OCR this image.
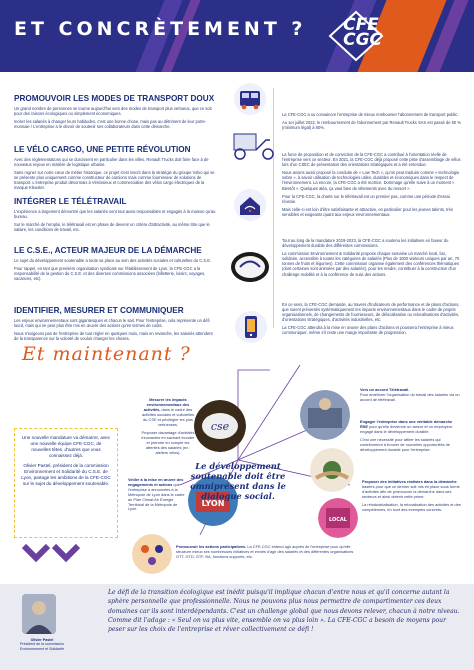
ET CONCRÈTEMENT ? CFE
CGC
PROMOUVOIR LES MODES DE TRANSPORT DOUX

Un grand nombre de personnes se tourne aujourd'hui vers des modes de transport plus vertueux, que ce soit pour des raisons écologiques ou simplement économiques.

Inciter les salariés à changer leurs habitudes, c'est une bonne chose, mais pas au détriment de leur porte-monnaie ! L'entreprise a le devoir de soutenir ses collaborateurs dans cette démarche.

La CFE-CGC a su convaincre l'entreprise de mieux rembourser l'abonnement de transport public.

Au 1er juillet 2022, le remboursement de l'abonnement par Renault Trucks SAS est passé de 50 % (minimum légal) à 80%.

LE VÉLO CARGO, UNE PETITE RÉVOLUTION

Avec des réglementations qui se durcissent en particulier dans les villes, Renault Trucks doit faire face à de nouveaux enjeux en matière de logistique urbaine.

Sans rogner sur notre cœur de métier historique, ce projet s'est inscrit dans la stratégie du groupe Volvo qui se se présente plus uniquement comme constructeur de camions mais comme fournisseur de solutions de transport. L'entreprise produit désormais à Vénissieux et commercialise des vélos cargo électriques de la marque Kleuster.

La force de proposition et de conviction de la CFE-CGC a contribué à l'orientation réelle de l'entreprise vers ce secteur. En 2021, la CFE-CGC déjà proposé cette piste d'assemblage de vélos lors d'un CSEC de présentation des orientations stratégiques et a été entendue.

Nous avions aussi proposé la conduite de « Low Tech », qu'on peut traduire comme « technologie sobre », à savoir utilisation de technologies utiles, durables et économiques dans le respect de l'environnement. La encore, la CFE-CGC a été motrice. Dommage qu'elle suive à un moment « Bientôt ». Quelques aléa, ça vaut bien de vêtements avec du ressort ».

INTÉGRER LE TÉLÉTRAVAIL

L'expérience a largement démontré que les salariés sont tout aussi responsables et engagés à la maison qu'au bureau.

Sur le marché de l'emploi, le télétravail est en phase de devenir un critère d'attractivité, au même titre que le salaire, les conditions de travail, etc.

Pour la CFE-CGC, la charte sur le télétravail est un premier pas, comme une période d'essai réussie.

Mais celle-ci est loin d'être satisfaisante et attractive, en particulier pour les jeunes talents, très sensibles et exigeants quant aux enjeux environnementaux.

LE C.S.E., ACTEUR MAJEUR DE LA DÉMARCHE

Le sujet du développement soutenable a toute sa place au sein des activités sociales et culturelles du C.S.E.

Pour rappel, en tant que première organisation syndicale sur l'établissement de Lyon, la CFE-CGC a la responsabilité de la gestion du C.S.E. et des diverses commissions associées (billetterie, loisirs, voyages, vacances, etc).

Tout au long de la mandature 2019-2023, la CFE-CGC a soutenu les initiatives en faveur du développement durable des différentes commissions.

La commission Environnement & Solidarité propose chaque semaine un marché local, bio, solidaire, accessible à toutes les catégories de salariés (Plus de 1000 visiteurs uniques par an, 70 tonnes de fruits et légumes). Cette commission organise également des conférences thématiques (dont certaines sont animées par des salariés), pour les rendre, contribuer à la construction d'un challenge mobilité et à la conférence de suivi des actions.

IDENTIFIER, MESURER ET COMMUNIQUER

Les enjeux environnementaux sont gigantesques et chacun le sait. Pour l'entreprise, cela représente un défi lourd, mais qui ne peut plus être mis en œuvre des actions qu'en termes de coûts.

Nous n'exigeons pas de l'entreprise de tout régler en quelques mois, mais en revanche, les salariés attendent de la transparence sur la volonté de vouloir changer les choses.

En ce sens, la CFE-CGC demande, au travers d'indicateurs de performance et de plans d'actions, que soient présentés systématiquement les impacts environnementaux dans le cadre de projets organisationnels, de changements de fournisseurs, de délocalisation ou relocalisations d'activités, d'orientations stratégiques, d'activités industrielles, etc.

La CFE-CGC attendra à la mise en œuvre des plans d'actions et poussera l'entreprise à mieux communiquer, même s'il reste une marge importante de progression.

Et maintenant ?
cse
LYON
LOCAL
Le développement soutenable doit être omniprésent dans le dialogue social.
Mesurer les impacts environnementaux des activités, dans le cadre des activités sociales et culturelles du CSE et privilégier les plus vertueuses.
Proposer davantage d'activités innovantes en sachant écouter et prendre en compte les attentes des salariés (ex : ateliers vélos).
Vers un accord Télétravail.
Pour améliorer l'organisation du travail des salariés via un accord de télétravail.
Engager l'entreprise dans une véritable démarche RSE pour qu'elle devienne un acteur et un employeur engagé dans le développement durable.
C'est une nécessité pour attirer les salariés qui contribueront à trouver de nouvelles opportunités de développement durable pour l'entreprise.
Veiller à la mise en œuvre des engagements et actions que l'entreprise a annoncées à la Métropole de Lyon dans le cadre du Plan Climat Air Énergie Territorial de la Métropole de Lyon.
Proposer des initiatives réalistes dans la démarche basées pour que ce dernier soit mis en place sous forme d'activités afin de promouvoir la démarche dans ses secteurs et ainsi obtenir cette prime.
La réindustrialisation, la relocalisation des activités et des compétences, en sont des exemples concrets.
Promouvoir les actions participatives. La CFE-CGC entend agir auprès de l'entreprise pour qu'elle structure mieux ses nombreuses initiatives et envies d'agir des salariés et des différentes organisations GTT, GTD, GTF, BA, fonctions supports, etc.

Une nouvelle mandature va démarrer, avec une nouvelle équipe CFE-CGC, de nouvelles têtes, d'autres que vous connaissez déjà.

Olivier Pastel, président de la commission Environnement et Solidarité du C.S.E. de Lyon, partage les ambitions de la CFE-CGC sur le sujet du développement soutenable.

Olivier Pastel
Président de la commission Environnement et Solidarité
Le défi de la transition écologique est inédit puisqu'il implique chacun d'entre nous et qu'il concerne autant la sphère personnelle que professionnelle. Nous ne pouvons plus nous permettre de compartimenter ces deux domaines car ils sont interdépendants. C'est un challenge global que nous devons relever, chacun à notre niveau. Comme dit l'adage : « Seul on va plus vite, ensemble on va plus loin ». La CFE-CGC a besoin de moyens pour peser sur les choix de l'entreprise et rêver collectivement ce défi !
